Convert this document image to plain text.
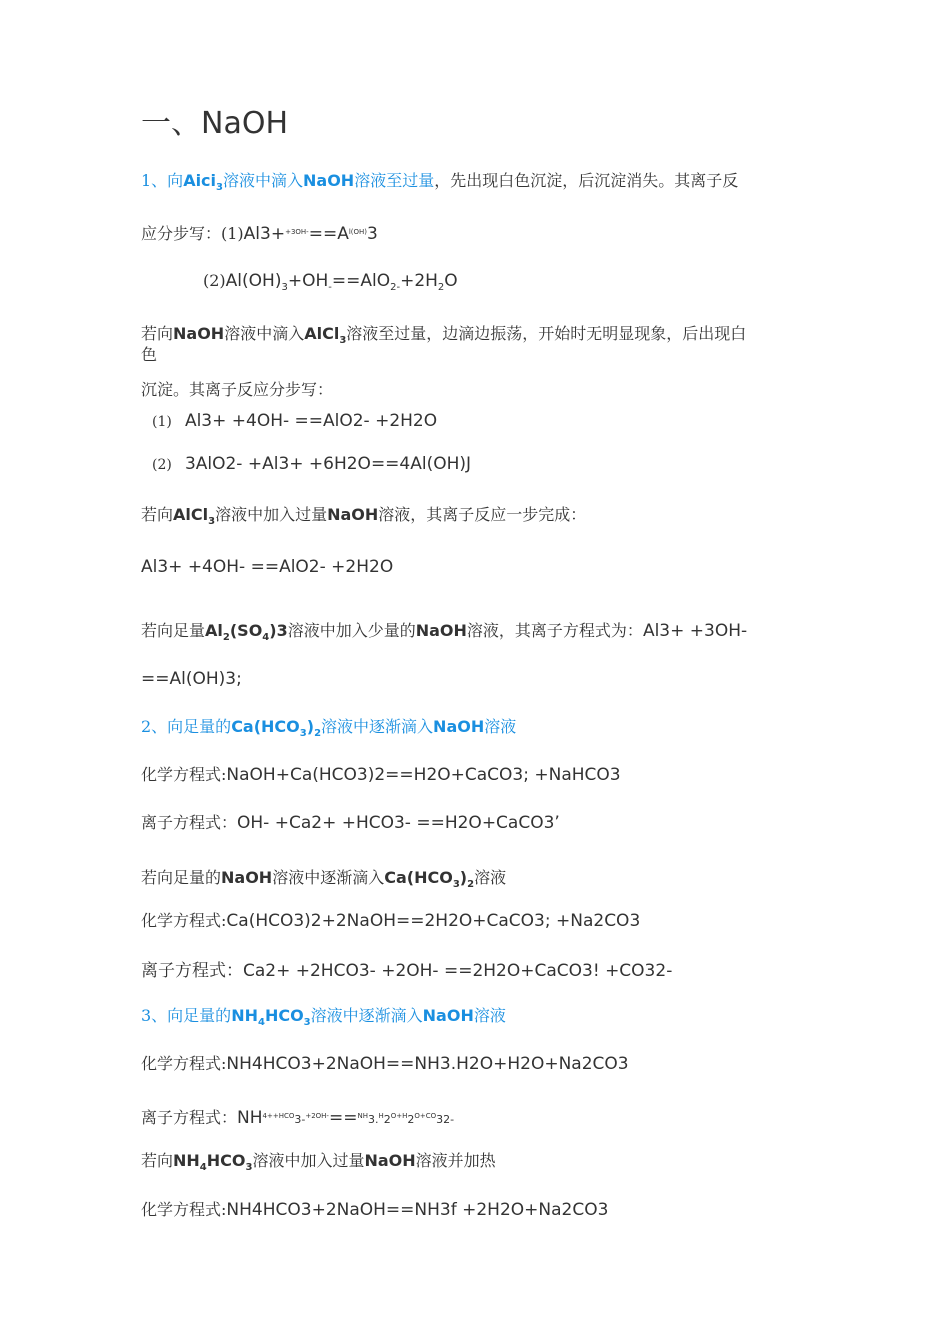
一、NaOH
1、向Aici$_3$溶液中滴入NaOH溶液至过量，先出现白色沉淀，后沉淀消失。其离子反
应分步写：$(1)Al3+^{+3OH-}==A^{l(OH)}3$
$(2)Al(OH)_3+OH_-==AlO_{2-}+2H_2O$
若向NaOH溶液中滴入AlCl$_3$溶液至过量，边滴边振荡，开始时无明显现象，后出现白
色
沉淀。其离子反应分步写：
(1) Al3+ +4OH- ==AlO2- +2H2O
(2) 3AlO2- +Al3+ +6H2O==4Al(OH)J
若向AlCl$_3$溶液中加入过量NaOH溶液，其离子反应一步完成：
Al3+ +4OH- ==AlO2- +2H2O
若向足量$Al_2(SO_4)3$溶液中加入少量的NaOH溶液，其离子方程式为：Al3+ +3OH-
==Al(OH)3;
2、向足量的$Ca(HCO_3)_2$溶液中逐渐滴入NaOH溶液
化学方程式:NaOH+Ca(HCO3)2==H2O+CaCO3; +NaHCO3
离子方程式：OH- +Ca2+ +HCO3- ==H2O+CaCO3’
若向足量的NaOH溶液中逐渐滴入$Ca(HCO_3)_2$溶液
化学方程式:Ca(HCO3)2+2NaOH==2H2O+CaCO3; +Na2CO3
离子方程式：Ca2+ +2HCO3- +2OH- ==2H2O+CaCO3! +CO32-
3、向足量的$NH_4HCO_3$溶液中逐渐滴入NaOH溶液
化学方程式:NH4HCO3+2NaOH==NH3.H2O+H2O+Na2CO3
离子方程式：$NH^{4++HCO}3-^{+2OH-}==^{NH}3.^H2^{O+H}2^{O+CO}32-$
若向$NH_4HCO_3$溶液中加入过量NaOH溶液并加热
化学方程式:NH4HCO3+2NaOH==NH3f +2H2O+Na2CO3
